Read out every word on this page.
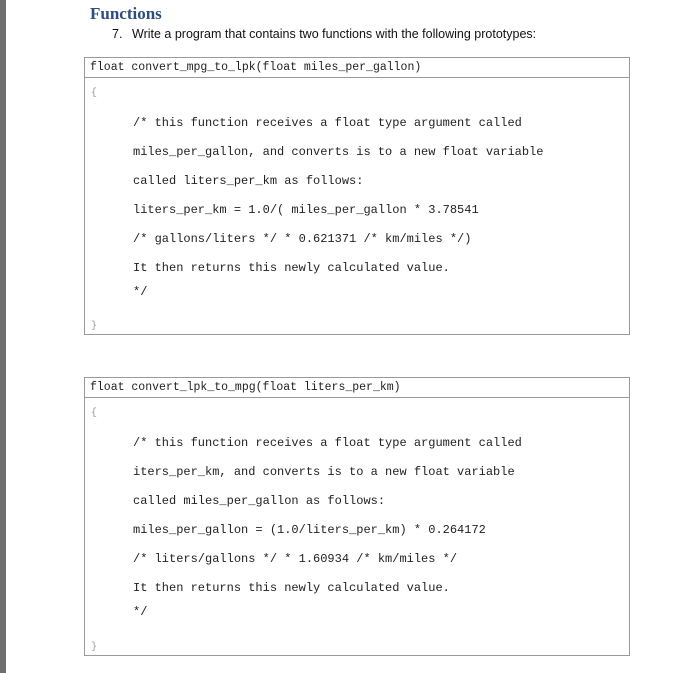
Functions
7. Write a program that contains two functions with the following prototypes:
float convert_mpg_to_lpk(float miles_per_gallon)
{
/* this function receives a float type argument called
miles_per_gallon, and converts is to a new float variable
called liters_per_km as follows:
liters_per_km = 1.0/( miles_per_gallon * 3.78541
/* gallons/liters */ * 0.621371 /* km/miles */)
It then returns this newly calculated value.
*/
}
float convert_lpk_to_mpg(float liters_per_km)
{
/* this function receives a float type argument called
iters_per_km, and converts is to a new float variable
called miles_per_gallon as follows:
miles_per_gallon = (1.0/liters_per_km) * 0.264172
/* liters/gallons */ * 1.60934 /* km/miles */
It then returns this newly calculated value.
*/
}
